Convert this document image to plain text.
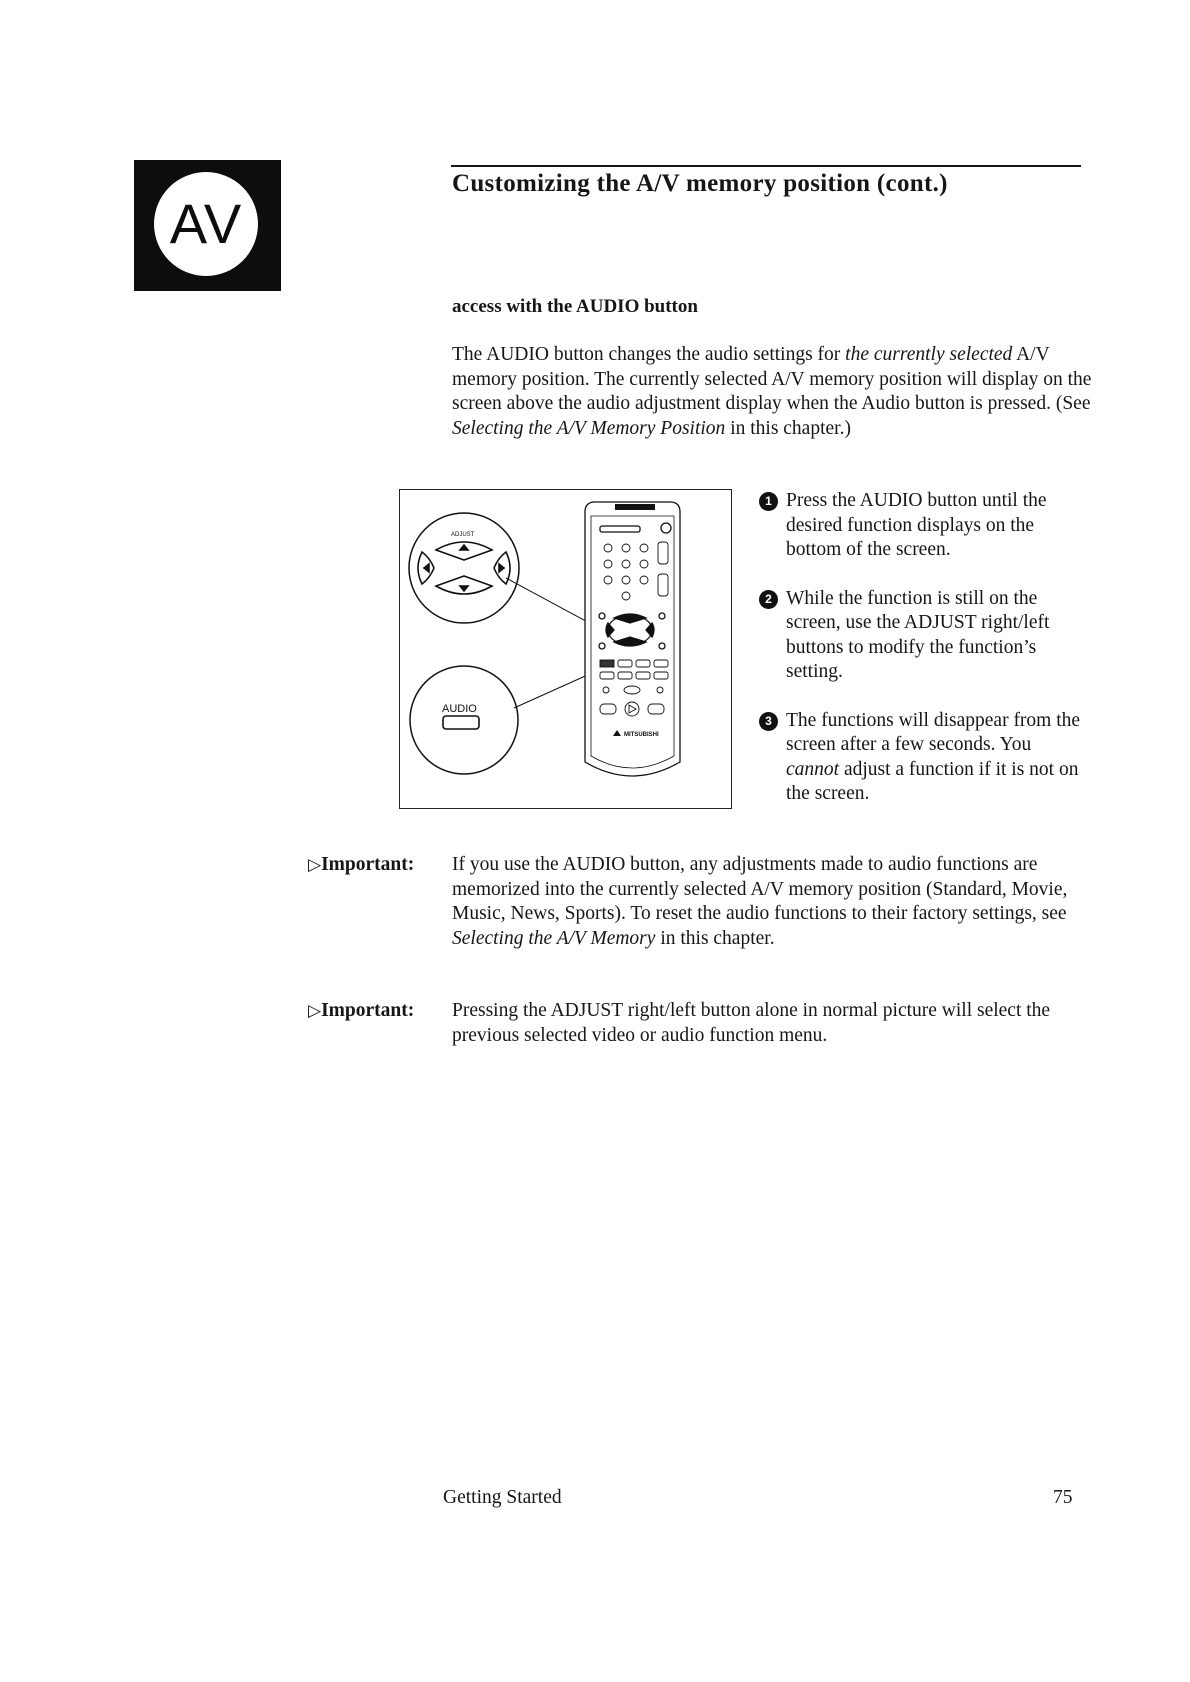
AV
Customizing the A/V memory position (cont.)
access with the AUDIO button

The AUDIO button changes the audio settings for the currently selected A/V memory position. The currently selected A/V memory position will display on the screen above the audio adjustment display when the Audio button is pressed. (See Selecting the A/V Memory Position in this chapter.)

ADJUST
AUDIO
MITSUBISHI
1 Press the AUDIO button until the desired function displays on the bottom of the screen.
2 While the function is still on the screen, use the ADJUST right/left buttons to modify the function’s setting.
3 The functions will disappear from the screen after a few seconds. You cannot adjust a function if it is not on the screen.
▷Important: If you use the AUDIO button, any adjustments made to audio functions are memorized into the currently selected A/V memory position (Standard, Movie, Music, News, Sports). To reset the audio functions to their factory settings, see Selecting the A/V Memory in this chapter.
▷Important: Pressing the ADJUST right/left button alone in normal picture will select the previous selected video or audio function menu.
Getting Started	75
